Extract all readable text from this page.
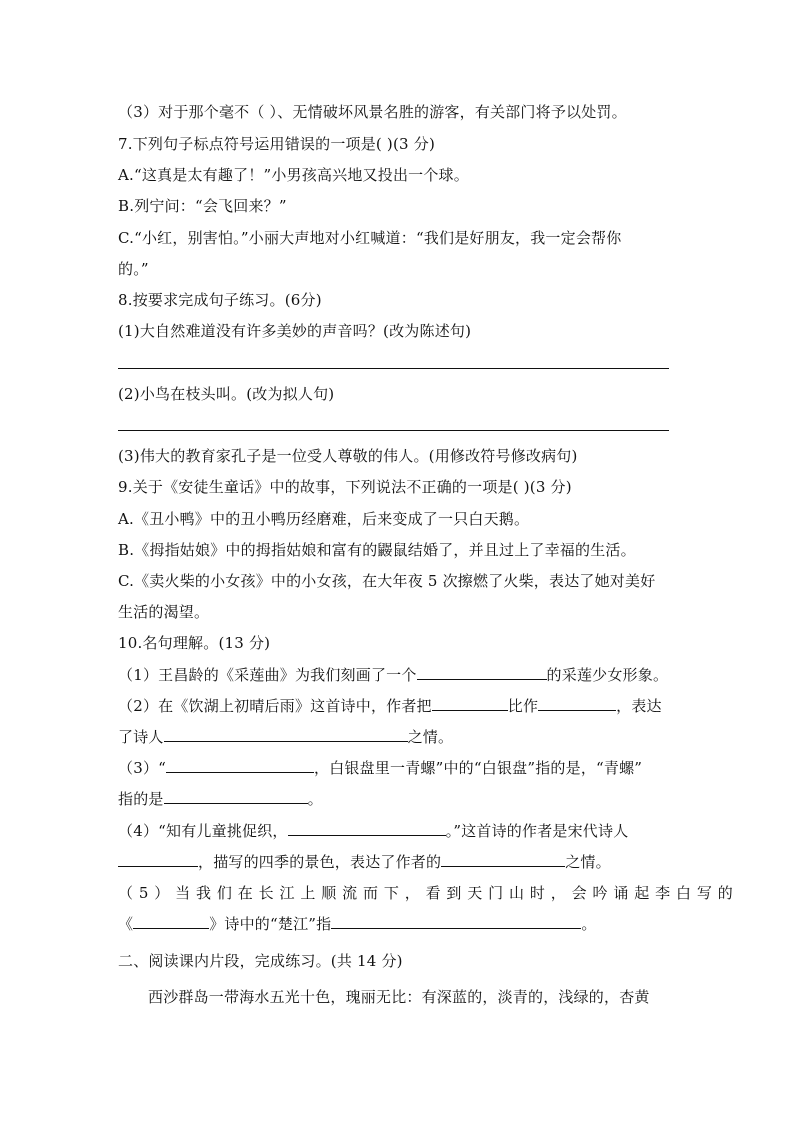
（3）对于那个毫不（ ）、无情破坏风景名胜的游客，有关部门将予以处罚。
7.下列句子标点符号运用错误的一项是( )(3 分)
A.“这真是太有趣了！”小男孩高兴地又投出一个球。
B.列宁问：“会飞回来？”
C.“小红，别害怕。”小丽大声地对小红喊道：“我们是好朋友，我一定会帮你
的。”
8.按要求完成句子练习。(6分)
(1)大自然难道没有许多美妙的声音吗？(改为陈述句)
(2)小鸟在枝头叫。(改为拟人句)
(3)伟大的教育家孔子是一位受人尊敬的伟人。(用修改符号修改病句)
9.关于《安徒生童话》中的故事，下列说法不正确的一项是( )(3 分)
A.《丑小鸭》中的丑小鸭历经磨难，后来变成了一只白天鹅。
B.《拇指姑娘》中的拇指姑娘和富有的鼹鼠结婚了，并且过上了幸福的生活。
C.《卖火柴的小女孩》中的小女孩，在大年夜 5 次擦燃了火柴，表达了她对美好
生活的渴望。
10.名句理解。(13 分)
（1）王昌龄的《采莲曲》为我们刻画了一个	的采莲少女形象。
（2）在《饮湖上初晴后雨》这首诗中，作者把	比作	，表达
了诗人	之情。
（3）“	，白银盘里一青螺”中的“白银盘”指的是，“青螺”
指的是	。
（4）“知有儿童挑促织，	。”这首诗的作者是宋代诗人
，描写的四季的景色，表达了作者的	之情。
（ 5 ） 当 我 们 在 长 江 上 顺 流 而 下 ， 看 到 天 门 山 时 ， 会 吟 诵 起 李 白 写 的
《	》诗中的“楚江”指	。
二、阅读课内片段，完成练习。(共 14 分)
西沙群岛一带海水五光十色，瑰丽无比：有深蓝的，淡青的，浅绿的，杏黄
